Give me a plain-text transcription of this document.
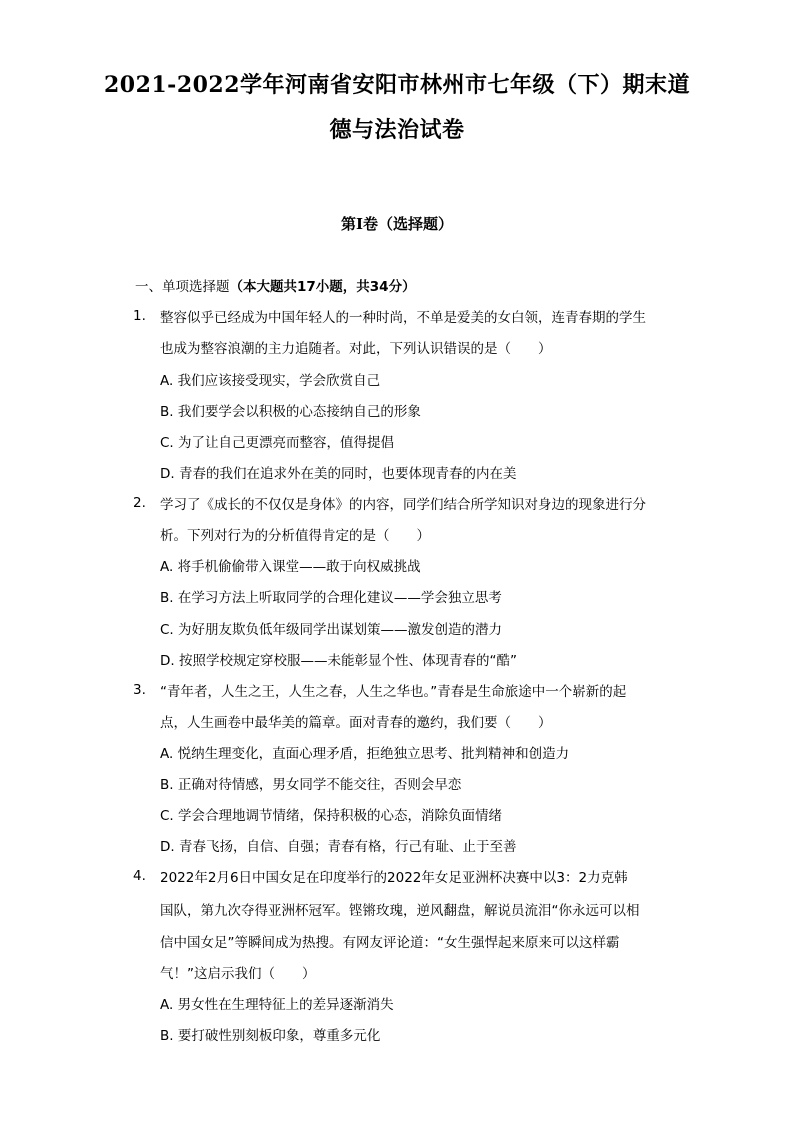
2021-2022学年河南省安阳市林州市七年级（下）期末道
德与法治试卷
第I卷（选择题）
一、单项选择题（本大题共17小题，共34分）
1. 整容似乎已经成为中国年轻人的一种时尚，不单是爱美的女白领，连青春期的学生
也成为整容浪潮的主力追随者。对此，下列认识错误的是（　　）
A. 我们应该接受现实，学会欣赏自己
B. 我们要学会以积极的心态接纳自己的形象
C. 为了让自己更漂亮而整容，值得提倡
D. 青春的我们在追求外在美的同时，也要体现青春的内在美
2. 学习了《成长的不仅仅是身体》的内容，同学们结合所学知识对身边的现象进行分
析。下列对行为的分析值得肯定的是（　　）
A. 将手机偷偷带入课堂——敢于向权威挑战
B. 在学习方法上听取同学的合理化建议——学会独立思考
C. 为好朋友欺负低年级同学出谋划策——激发创造的潜力
D. 按照学校规定穿校服——未能彰显个性、体现青春的“酷”
3. “青年者，人生之王，人生之春，人生之华也。”青春是生命旅途中一个崭新的起
点，人生画卷中最华美的篇章。面对青春的邀约，我们要（　　）
A. 悦纳生理变化，直面心理矛盾，拒绝独立思考、批判精神和创造力
B. 正确对待情感，男女同学不能交往，否则会早恋
C. 学会合理地调节情绪，保持积极的心态，消除负面情绪
D. 青春飞扬，自信、自强；青春有格，行己有耻、止于至善
4. 2022年2月6日中国女足在印度举行的2022年女足亚洲杯决赛中以3：2力克韩
国队，第九次夺得亚洲杯冠军。铿锵玫瑰，逆风翻盘，解说员流泪“你永远可以相
信中国女足”等瞬间成为热搜。有网友评论道：“女生强悍起来原来可以这样霸
气！”这启示我们（　　）
A. 男女性在生理特征上的差异逐渐消失
B. 要打破性别刻板印象，尊重多元化
